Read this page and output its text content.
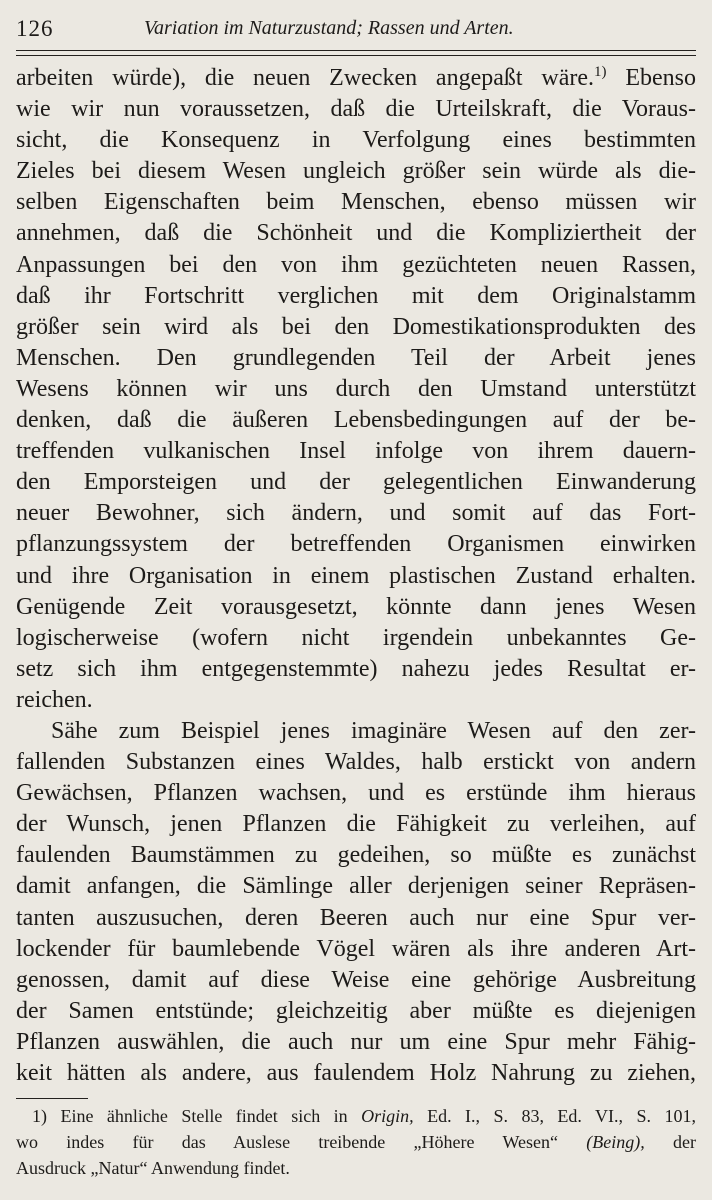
126	Variation im Naturzustand; Rassen und Arten.
arbeiten würde), die neuen Zwecken angepaßt wäre.$^{1)}$ Ebenso
wie wir nun voraussetzen, daß die Urteilskraft, die Voraus-
sicht, die Konsequenz in Verfolgung eines bestimmten
Zieles bei diesem Wesen ungleich größer sein würde als die-
selben Eigenschaften beim Menschen, ebenso müssen wir
annehmen, daß die Schönheit und die Kompliziertheit der
Anpassungen bei den von ihm gezüchteten neuen Rassen,
daß ihr Fortschritt verglichen mit dem Originalstamm
größer sein wird als bei den Domestikationsprodukten des
Menschen. Den grundlegenden Teil der Arbeit jenes
Wesens können wir uns durch den Umstand unterstützt
denken, daß die äußeren Lebensbedingungen auf der be-
treffenden vulkanischen Insel infolge von ihrem dauern-
den Emporsteigen und der gelegentlichen Einwanderung
neuer Bewohner, sich ändern, und somit auf das Fort-
pflanzungssystem der betreffenden Organismen einwirken
und ihre Organisation in einem plastischen Zustand erhalten.
Genügende Zeit vorausgesetzt, könnte dann jenes Wesen
logischerweise (wofern nicht irgendein unbekanntes Ge-
setz sich ihm entgegenstemmte) nahezu jedes Resultat er-
reichen.
Sähe zum Beispiel jenes imaginäre Wesen auf den zer-
fallenden Substanzen eines Waldes, halb erstickt von andern
Gewächsen, Pflanzen wachsen, und es erstünde ihm hieraus
der Wunsch, jenen Pflanzen die Fähigkeit zu verleihen, auf
faulenden Baumstämmen zu gedeihen, so müßte es zunächst
damit anfangen, die Sämlinge aller derjenigen seiner Repräsen-
tanten auszusuchen, deren Beeren auch nur eine Spur ver-
lockender für baumlebende Vögel wären als ihre anderen Art-
genossen, damit auf diese Weise eine gehörige Ausbreitung
der Samen entstünde; gleichzeitig aber müßte es diejenigen
Pflanzen auswählen, die auch nur um eine Spur mehr Fähig-
keit hätten als andere, aus faulendem Holz Nahrung zu ziehen,
1) Eine ähnliche Stelle findet sich in Origin, Ed. I., S. 83, Ed. VI., S. 101,
wo indes für das Auslese treibende „Höhere Wesen“ (Being), der
Ausdruck „Natur“ Anwendung findet.
